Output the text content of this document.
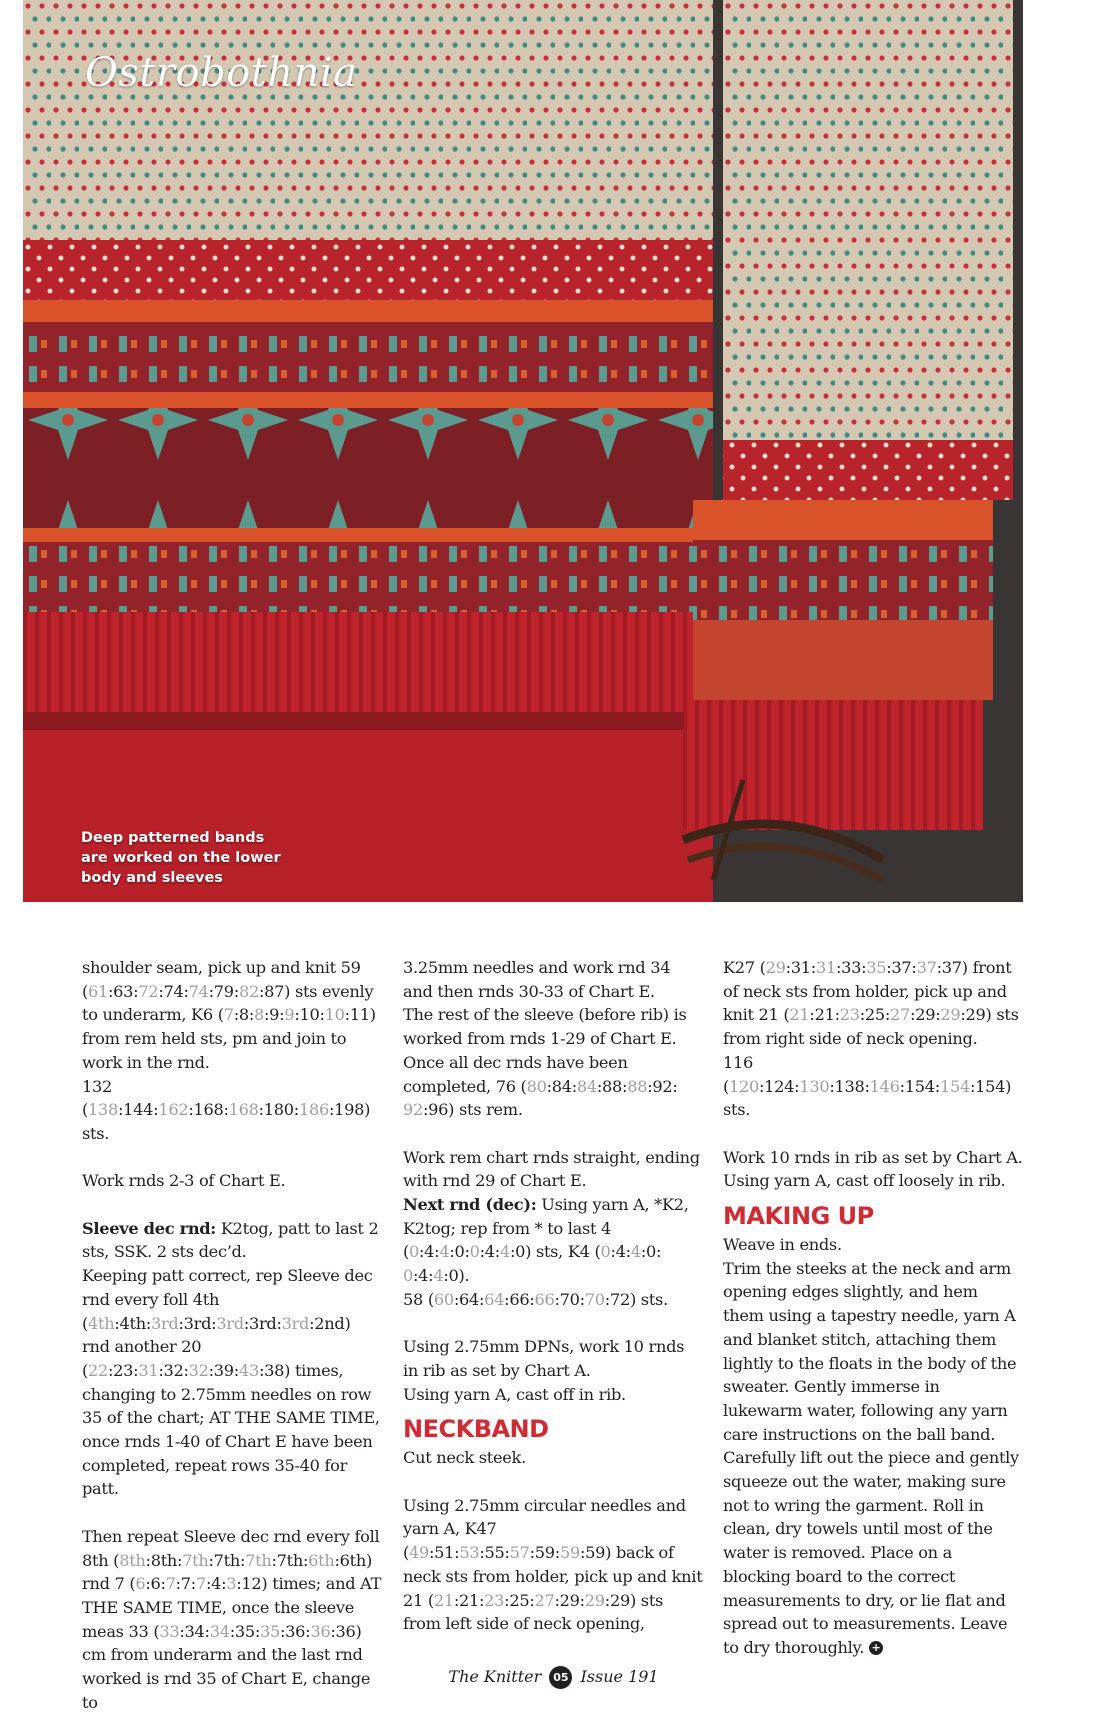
Ostrobothnia
Deep patterned bands are worked on the lower body and sleeves

shoulder seam, pick up and knit 59 (61:63:72:74:74:79:82:87) sts evenly to underarm, K6 (7:8:8:9:9:10:10:11) from rem held sts, pm and join to work in the rnd.
132 (138:144:162:168:168:180:186:198) sts.

Work rnds 2-3 of Chart E.

Sleeve dec rnd: K2tog, patt to last 2 sts, SSK. 2 sts dec’d.
Keeping patt correct, rep Sleeve dec rnd every foll 4th (4th:4th:3rd:3rd:3rd:3rd:3rd:2nd) rnd another 20 (22:23:31:32:32:39:43:38) times, changing to 2.75mm needles on row 35 of the chart; AT THE SAME TIME, once rnds 1-40 of Chart E have been completed, repeat rows 35-40 for patt.

Then repeat Sleeve dec rnd every foll 8th (8th:8th:7th:7th:7th:7th:6th:6th) rnd 7 (6:6:7:7:7:4:3:12) times; and AT THE SAME TIME, once the sleeve meas 33 (33:34:34:35:35:36:36:36) cm from underarm and the last rnd worked is rnd 35 of Chart E, change to

3.25mm needles and work rnd 34 and then rnds 30-33 of Chart E.
The rest of the sleeve (before rib) is worked from rnds 1-29 of Chart E.
Once all dec rnds have been completed, 76 (80:84:84:88:88:92: 92:96) sts rem.

Work rem chart rnds straight, ending with rnd 29 of Chart E.
Next rnd (dec): Using yarn A, *K2, K2tog; rep from * to last 4 (0:4:4:0:0:4:4:0) sts, K4 (0:4:4:0: 0:4:4:0).
58 (60:64:64:66:66:70:70:72) sts.

Using 2.75mm DPNs, work 10 rnds in rib as set by Chart A.
Using yarn A, cast off in rib.

NECKBAND

Cut neck steek.

Using 2.75mm circular needles and yarn A, K47 (49:51:53:55:57:59:59:59) back of neck sts from holder, pick up and knit 21 (21:21:23:25:27:29:29:29) sts from left side of neck opening,

K27 (29:31:31:33:35:37:37:37) front of neck sts from holder, pick up and knit 21 (21:21:23:25:27:29:29:29) sts from right side of neck opening.
116 (120:124:130:138:146:154:154:154) sts.

Work 10 rnds in rib as set by Chart A.
Using yarn A, cast off loosely in rib.

MAKING UP

Weave in ends.
Trim the steeks at the neck and arm opening edges slightly, and hem them using a tapestry needle, yarn A and blanket stitch, attaching them lightly to the floats in the body of the sweater. Gently immerse in lukewarm water, following any yarn care instructions on the ball band. Carefully lift out the piece and gently squeeze out the water, making sure not to wring the garment. Roll in clean, dry towels until most of the water is removed. Place on a blocking board to the correct measurements to dry, or lie flat and spread out to measurements. Leave to dry thoroughly. +

The Knitter 05 Issue 191
